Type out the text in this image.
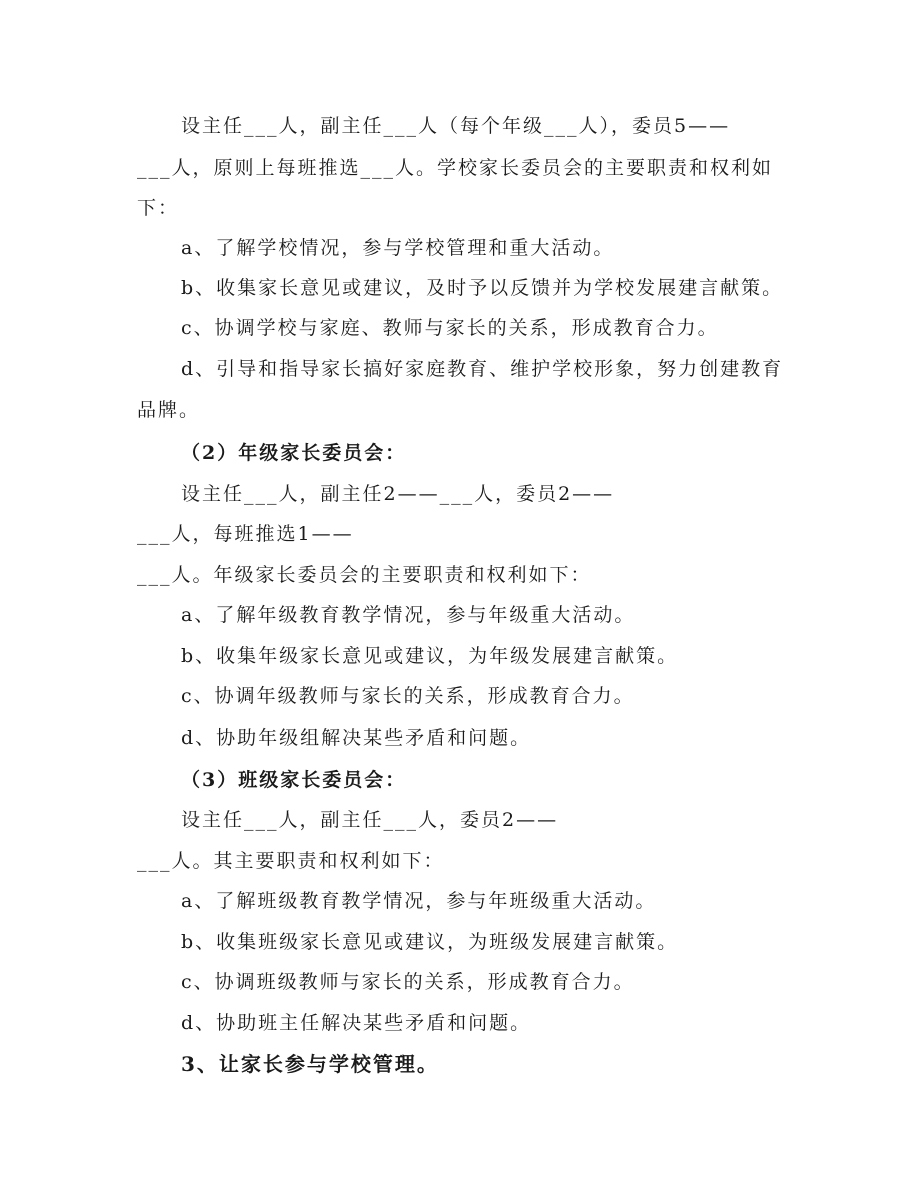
设主任___人，副主任___人（每个年级___人），委员5——
___人，原则上每班推选___人。学校家长委员会的主要职责和权利如
下：
a、了解学校情况，参与学校管理和重大活动。
b、收集家长意见或建议，及时予以反馈并为学校发展建言献策。
c、协调学校与家庭、教师与家长的关系，形成教育合力。
d、引导和指导家长搞好家庭教育、维护学校形象，努力创建教育
品牌。
（2）年级家长委员会：
设主任___人，副主任2——___人，委员2——
___人，每班推选1——
___人。年级家长委员会的主要职责和权利如下：
a、了解年级教育教学情况，参与年级重大活动。
b、收集年级家长意见或建议，为年级发展建言献策。
c、协调年级教师与家长的关系，形成教育合力。
d、协助年级组解决某些矛盾和问题。
（3）班级家长委员会：
设主任___人，副主任___人，委员2——
___人。其主要职责和权利如下：
a、了解班级教育教学情况，参与年班级重大活动。
b、收集班级家长意见或建议，为班级发展建言献策。
c、协调班级教师与家长的关系，形成教育合力。
d、协助班主任解决某些矛盾和问题。
3、让家长参与学校管理。
